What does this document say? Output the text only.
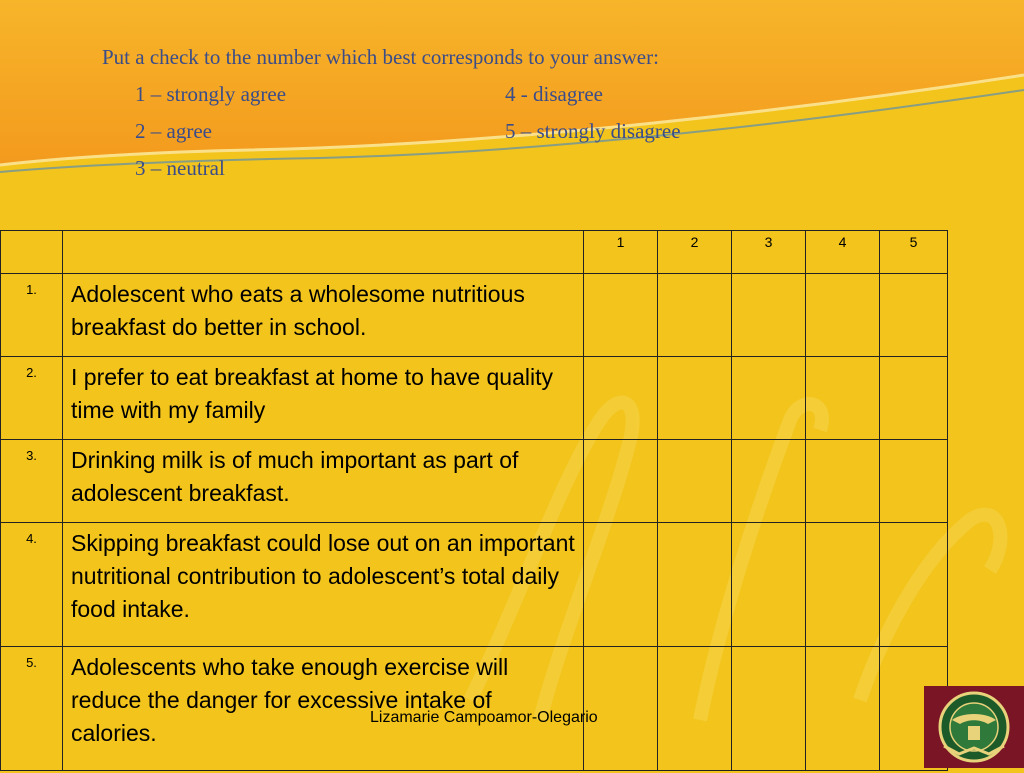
Put a check to the number which best corresponds to your answer:
1 – strongly agree
2 – agree
3 – neutral
4 - disagree
5 – strongly disagree
		1	2	3	4	5
1.	Adolescent who eats a wholesome nutritious breakfast do better in school.					
2.	I prefer to eat breakfast at home to have quality time with my family					
3.	Drinking milk is of much important as part of adolescent breakfast.					
4.	Skipping breakfast could lose out on an important nutritional contribution to adolescent’s total daily food intake.					
5.	Adolescents who take enough exercise will reduce the danger for excessive intake of calories.					
Lizamarie Campoamor-Olegario
